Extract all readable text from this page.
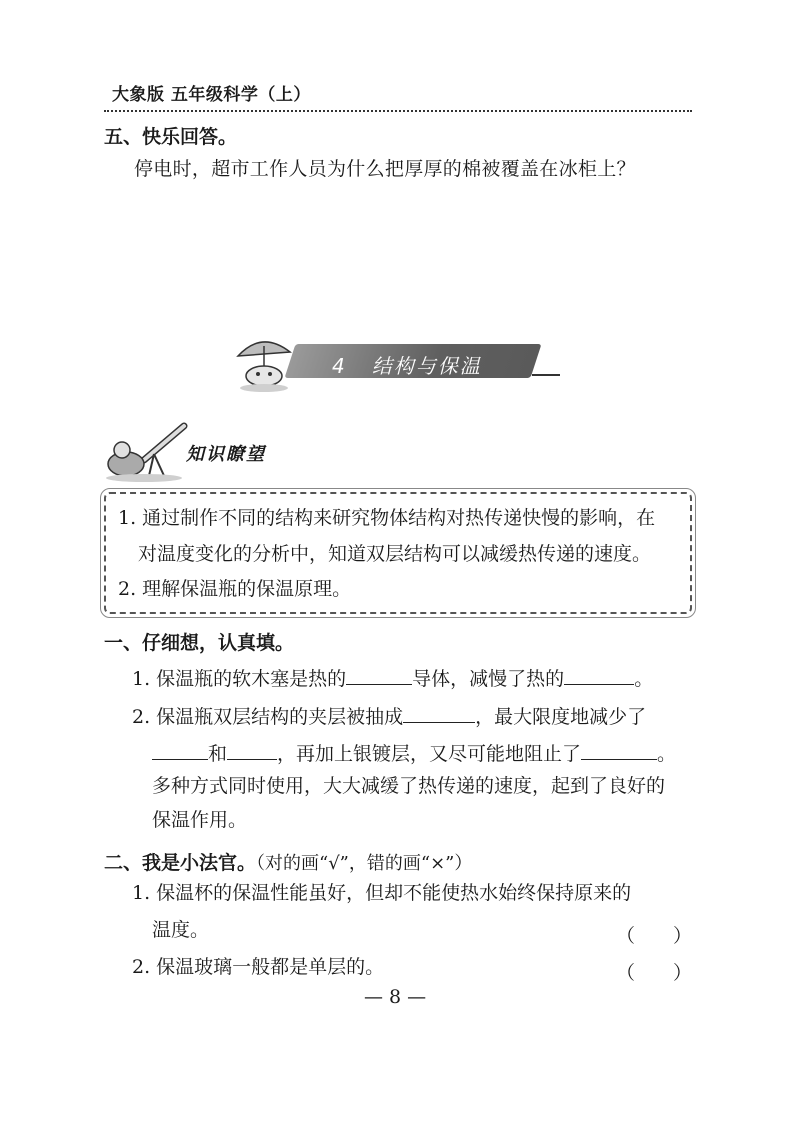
大象版 五年级科学（上）
五、快乐回答。
停电时，超市工作人员为什么把厚厚的棉被覆盖在冰柜上？
4 结构与保温
知识瞭望
1. 通过制作不同的结构来研究物体结构对热传递快慢的影响，在
对温度变化的分析中，知道双层结构可以减缓热传递的速度。
2. 理解保温瓶的保温原理。
一、仔细想，认真填。
1. 保温瓶的软木塞是热的	导体，减慢了热的	。
2. 保温瓶双层结构的夹层被抽成	，最大限度地减少了
和	，再加上银镀层，又尽可能地阻止了	。
多种方式同时使用，大大减缓了热传递的速度，起到了良好的
保温作用。
二、我是小法官。（对的画“√”，错的画“×”）
1. 保温杯的保温性能虽好，但却不能使热水始终保持原来的
温度。	（　　）
2. 保温玻璃一般都是单层的。	（　　）
— 8 —
